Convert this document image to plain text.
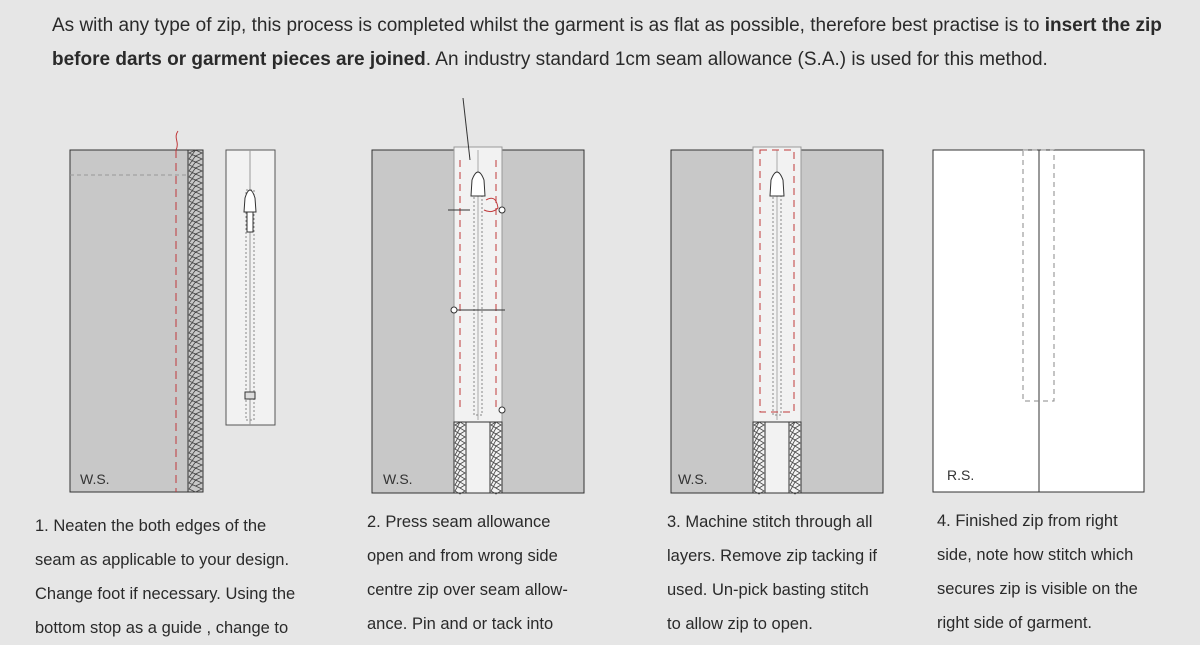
As with any type of zip, this process is completed whilst the garment is as flat as possible, therefore best practise is to insert the zip before darts or garment pieces are joined. An industry standard 1cm seam allowance (S.A.) is used for this method.

W.S.	W.S.	W.S.	R.S.
1. Neaten the both edges of the
seam as applicable to your design.
Change foot if necessary. Using the
bottom stop as a guide , change to
2. Press seam allowance
open and from wrong side
centre zip over seam allow-
ance. Pin and or tack into
3. Machine stitch through all
layers. Remove zip tacking if
used. Un-pick basting stitch
to allow zip to open.
4. Finished zip from right
side, note how stitch which
secures zip is visible on the
right side of garment.
